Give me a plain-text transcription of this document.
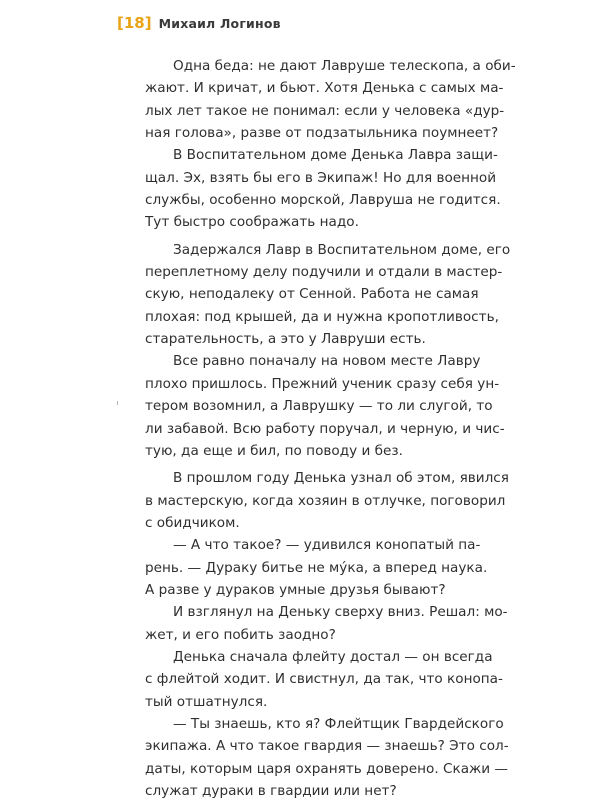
[18] Михаил Логинов
Одна беда: не дают Лавруше телескопа, а оби-
жают. И кричат, и бьют. Хотя Денька с самых ма-
лых лет такое не понимал: если у человека «дур-
ная голова», разве от подзатыльника поумнеет?
В Воспитательном доме Денька Лавра защи-
щал. Эх, взять бы его в Экипаж! Но для военной
службы, особенно морской, Лавруша не годится.
Тут быстро соображать надо.
Задержался Лавр в Воспитательном доме, его
переплетному делу подучили и отдали в мастер-
скую, неподалеку от Сенной. Работа не самая
плохая: под крышей, да и нужна кропотливость,
старательность, а это у Лавруши есть.
Все равно поначалу на новом месте Лавру
плохо пришлось. Прежний ученик сразу себя ун-
тером возомнил, а Лаврушку — то ли слугой, то
ли забавой. Всю работу поручал, и черную, и чис-
тую, да еще и бил, по поводу и без.
В прошлом году Денька узнал об этом, явился
в мастерскую, когда хозяин в отлучке, поговорил
с обидчиком.
— А что такое? — удивился конопатый па-
рень. — Дураку битье не му́ка, а вперед наука.
А разве у дураков умные друзья бывают?
И взглянул на Деньку сверху вниз. Решал: мо-
жет, и его побить заодно?
Денька сначала флейту достал — он всегда
с флейтой ходит. И свистнул, да так, что конопа-
тый отшатнулся.
— Ты знаешь, кто я? Флейтщик Гвардейского
экипажа. А что такое гвардия — знаешь? Это сол-
даты, которым царя охранять доверено. Скажи —
служат дураки в гвардии или нет?
